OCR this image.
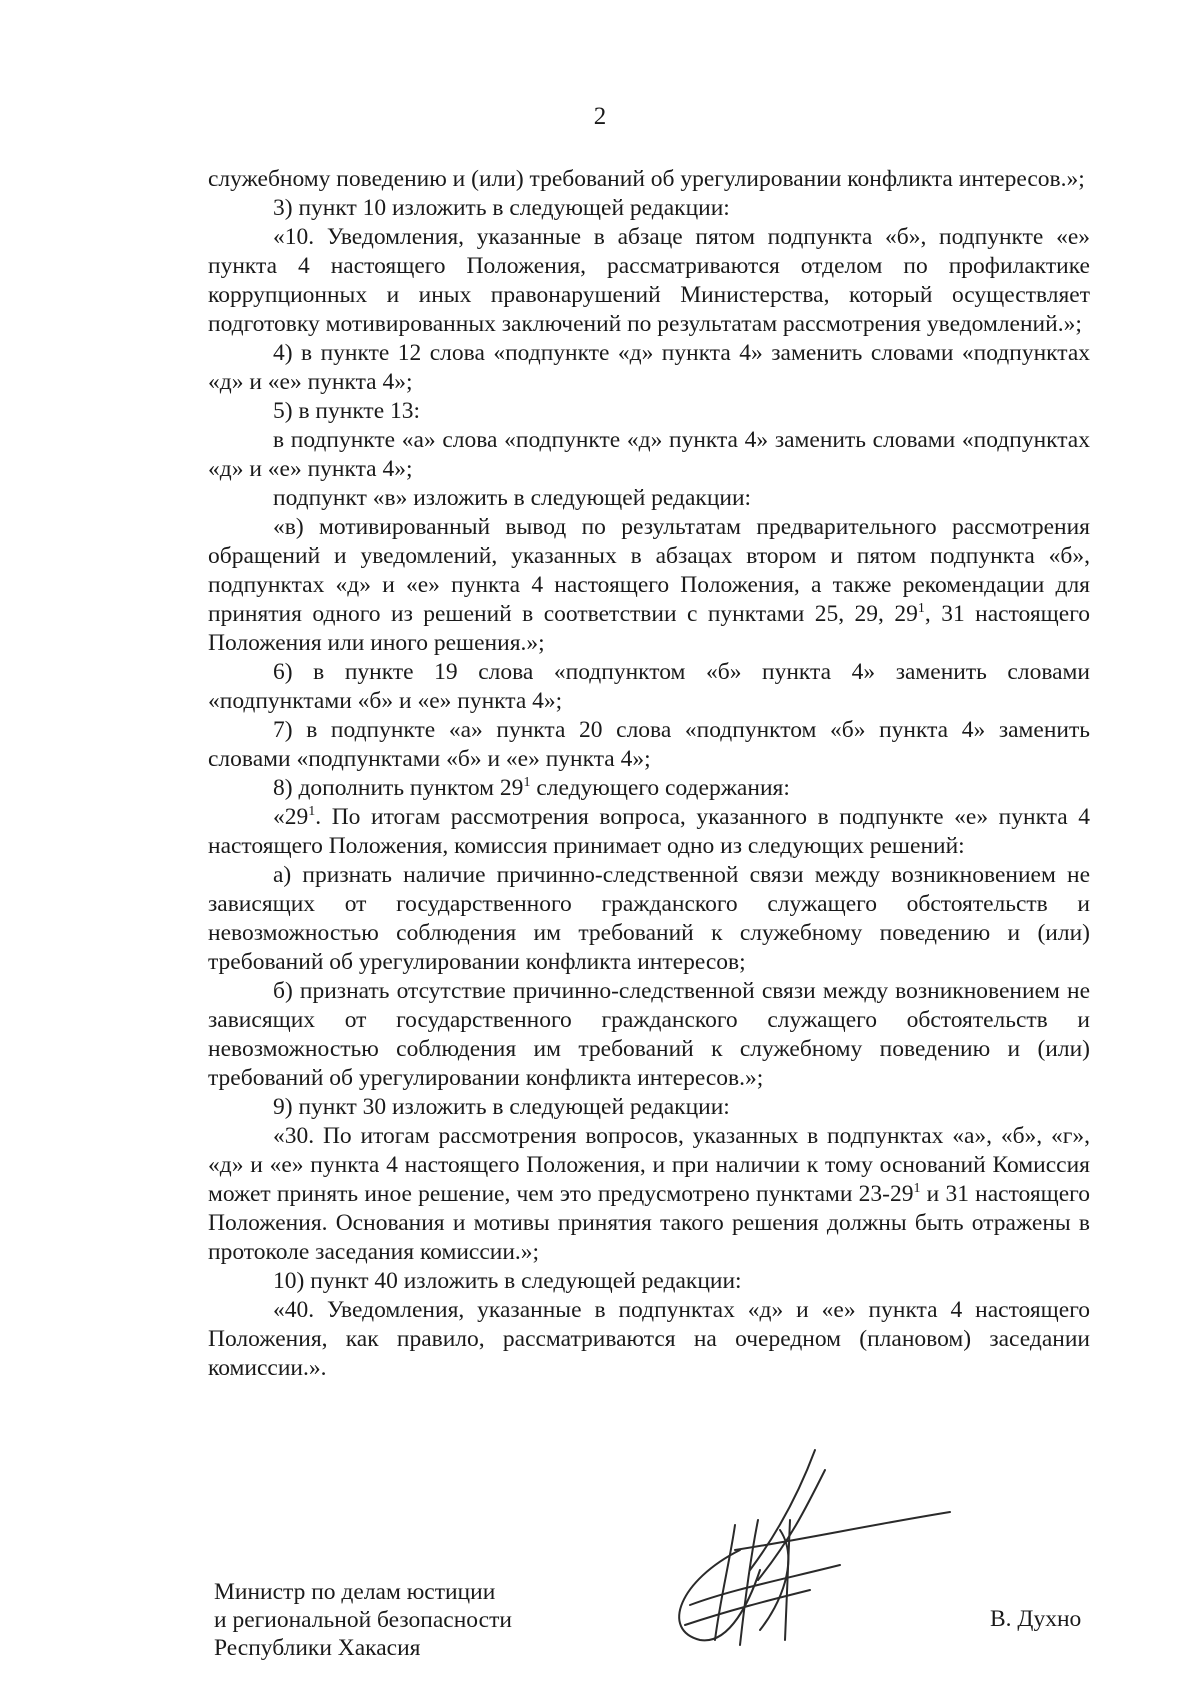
2

служебному поведению и (или) требований об урегулировании конфликта интересов.»;

3) пункт 10 изложить в следующей редакции:

«10. Уведомления, указанные в абзаце пятом подпункта «б», подпункте «е» пункта 4 настоящего Положения, рассматриваются отделом по профилактике коррупционных и иных правонарушений Министерства, который осуществляет подготовку мотивированных заключений по результатам рассмотрения уведомлений.»;

4) в пункте 12 слова «подпункте «д» пункта 4» заменить словами «подпунктах «д» и «е» пункта 4»;

5) в пункте 13:

в подпункте «а» слова «подпункте «д» пункта 4» заменить словами «подпунктах «д» и «е» пункта 4»;

подпункт «в» изложить в следующей редакции:

«в) мотивированный вывод по результатам предварительного рассмотрения обращений и уведомлений, указанных в абзацах втором и пятом подпункта «б», подпунктах «д» и «е» пункта 4 настоящего Положения, а также рекомендации для принятия одного из решений в соответствии с пунктами 25, 29, $29^1$, 31 настоящего Положения или иного решения.»;

6) в пункте 19 слова «подпунктом «б» пункта 4» заменить словами «подпунктами «б» и «е» пункта 4»;

7) в подпункте «а» пункта 20 слова «подпунктом «б» пункта 4» заменить словами «подпунктами «б» и «е» пункта 4»;

8) дополнить пунктом $29^1$ следующего содержания:

«$29^1$. По итогам рассмотрения вопроса, указанного в подпункте «е» пункта 4 настоящего Положения, комиссия принимает одно из следующих решений:

а) признать наличие причинно-следственной связи между возникновением не зависящих от государственного гражданского служащего обстоятельств и невозможностью соблюдения им требований к служебному поведению и (или) требований об урегулировании конфликта интересов;

б) признать отсутствие причинно-следственной связи между возникновением не зависящих от государственного гражданского служащего обстоятельств и невозможностью соблюдения им требований к служебному поведению и (или) требований об урегулировании конфликта интересов.»;

9) пункт 30 изложить в следующей редакции:

«30. По итогам рассмотрения вопросов, указанных в подпунктах «а», «б», «г», «д» и «е» пункта 4 настоящего Положения, и при наличии к тому оснований Комиссия может принять иное решение, чем это предусмотрено пунктами $23-29^1$ и 31 настоящего Положения. Основания и мотивы принятия такого решения должны быть отражены в протоколе заседания комиссии.»;

10) пункт 40 изложить в следующей редакции:

«40. Уведомления, указанные в подпунктах «д» и «е» пункта 4 настоящего Положения, как правило, рассматриваются на очередном (плановом) заседании комиссии.».

Министр по делам юстиции
и региональной безопасности
Республики Хакасия
В. Духно
